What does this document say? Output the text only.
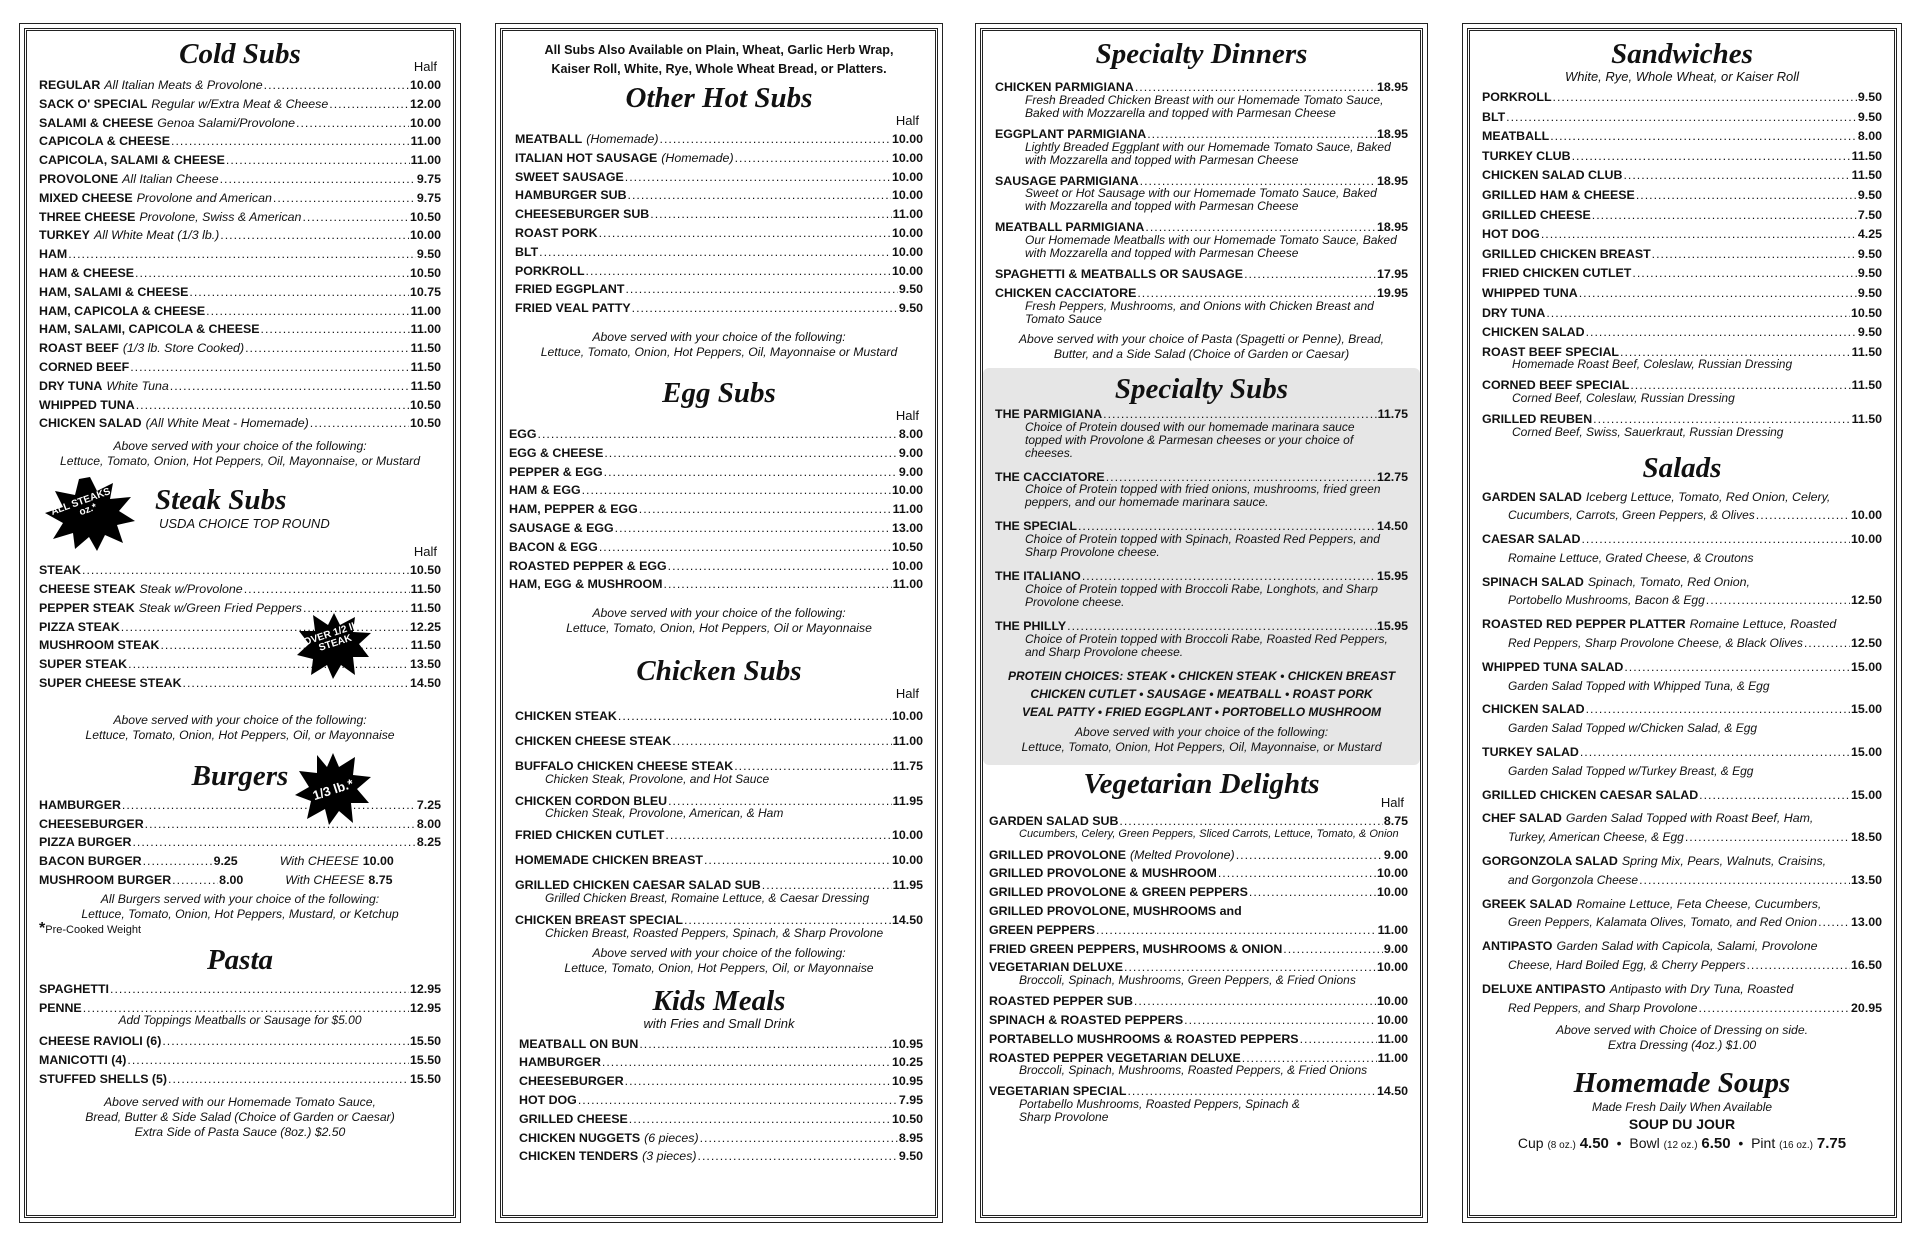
Cold Subs	Half
REGULAR All Italian Meats & Provolone .....	10.00
SACK O' SPECIAL Regular w/Extra Meat & Cheese .....	12.00
SALAMI & CHEESE Genoa Salami/Provolone .....	10.00
CAPICOLA & CHEESE .....	11.00
CAPICOLA, SALAMI & CHEESE .....	11.00
PROVOLONE All Italian Cheese .....	9.75
MIXED CHEESE Provolone and American .....	9.75
THREE CHEESE Provolone, Swiss & American .....	10.50
TURKEY All White Meat (1/3 lb.) .....	10.00
HAM .....	9.50
HAM & CHEESE .....	10.50
HAM, SALAMI & CHEESE .....	10.75
HAM, CAPICOLA & CHEESE .....	11.00
HAM, SALAMI, CAPICOLA & CHEESE .....	11.00
ROAST BEEF (1/3 lb. Store Cooked) .....	11.50
CORNED BEEF .....	11.50
DRY TUNA White Tuna .....	11.50
WHIPPED TUNA .....	10.50
CHICKEN SALAD (All White Meat - Homemade) .....	10.50
Above served with your choice of the following:
Lettuce, Tomato, Onion, Hot Peppers, Oil, Mayonnaise, or Mustard
ALL STEAKS 6 oz.*	Steak Subs
USDA CHOICE TOP ROUND
Half
STEAK .....	10.50
CHEESE STEAK Steak w/Provolone .....	11.50
PEPPER STEAK Steak w/Green Fried Peppers .....	11.50
PIZZA STEAK .....	12.25
MUSHROOM STEAK .....	11.50
SUPER STEAK .....	13.50
SUPER CHEESE STEAK .....	14.50
OVER 1/2 lb. STEAK
Above served with your choice of the following:
Lettuce, Tomato, Onion, Hot Peppers, Oil, or Mayonnaise
Burgers
HAMBURGER .....	7.25
CHEESEBURGER .....	8.00
PIZZA BURGER .....	8.25
BACON BURGER .....	9.25	With CHEESE 10.00
MUSHROOM BURGER .....	8.00	With CHEESE 8.75
All Burgers served with your choice of the following:
Lettuce, Tomato, Onion, Hot Peppers, Mustard, or Ketchup
*Pre-Cooked Weight
1/3 lb.*
Pasta
SPAGHETTI .....	12.95
PENNE .....	12.95
Add Toppings Meatballs or Sausage for $5.00
CHEESE RAVIOLI (6) .....	15.50
MANICOTTI (4) .....	15.50
STUFFED SHELLS (5) .....	15.50
Above served with our Homemade Tomato Sauce,
Bread, Butter & Side Salad (Choice of Garden or Caesar)
Extra Side of Pasta Sauce (8oz.) $2.50
All Subs Also Available on Plain, Wheat, Garlic Herb Wrap,
Kaiser Roll, White, Rye, Whole Wheat Bread, or Platters.
Other Hot Subs
Half
MEATBALL (Homemade) .....	10.00
ITALIAN HOT SAUSAGE (Homemade) .....	10.00
SWEET SAUSAGE .....	10.00
HAMBURGER SUB .....	10.00
CHEESEBURGER SUB .....	11.00
ROAST PORK .....	10.00
BLT .....	10.00
PORKROLL .....	10.00
FRIED EGGPLANT .....	9.50
FRIED VEAL PATTY .....	9.50
Above served with your choice of the following:
Lettuce, Tomato, Onion, Hot Peppers, Oil, Mayonnaise or Mustard
Egg Subs
Half
EGG .....	8.00
EGG & CHEESE .....	9.00
PEPPER & EGG .....	9.00
HAM & EGG .....	10.00
HAM, PEPPER & EGG .....	11.00
SAUSAGE & EGG .....	13.00
BACON & EGG .....	10.50
ROASTED PEPPER & EGG .....	10.00
HAM, EGG & MUSHROOM .....	11.00
Above served with your choice of the following:
Lettuce, Tomato, Onion, Hot Peppers, Oil or Mayonnaise
Chicken Subs
Half
CHICKEN STEAK .....	10.00
CHICKEN CHEESE STEAK .....	11.00
BUFFALO CHICKEN CHEESE STEAK .....	11.75
Chicken Steak, Provolone, and Hot Sauce
CHICKEN CORDON BLEU .....	11.95
Chicken Steak, Provolone, American, & Ham
FRIED CHICKEN CUTLET .....	10.00
HOMEMADE CHICKEN BREAST .....	10.00
GRILLED CHICKEN CAESAR SALAD SUB .....	11.95
Grilled Chicken Breast, Romaine Lettuce, & Caesar Dressing
CHICKEN BREAST SPECIAL .....	14.50
Chicken Breast, Roasted Peppers, Spinach, & Sharp Provolone
Above served with your choice of the following:
Lettuce, Tomato, Onion, Hot Peppers, Oil, or Mayonnaise
Kids Meals
with Fries and Small Drink
MEATBALL ON BUN .....	10.95
HAMBURGER .....	10.25
CHEESEBURGER .....	10.95
HOT DOG .....	7.95
GRILLED CHEESE .....	10.50
CHICKEN NUGGETS (6 pieces) .....	8.95
CHICKEN TENDERS (3 pieces) .....	9.50
Specialty Dinners
CHICKEN PARMIGIANA .....	18.95
Fresh Breaded Chicken Breast with our Homemade Tomato Sauce, Baked with Mozzarella and topped with Parmesan Cheese
EGGPLANT PARMIGIANA .....	18.95
Lightly Breaded Eggplant with our Homemade Tomato Sauce, Baked with Mozzarella and topped with Parmesan Cheese
SAUSAGE PARMIGIANA .....	18.95
Sweet or Hot Sausage with our Homemade Tomato Sauce, Baked with Mozzarella and topped with Parmesan Cheese
MEATBALL PARMIGIANA .....	18.95
Our Homemade Meatballs with our Homemade Tomato Sauce, Baked with Mozzarella and topped with Parmesan Cheese
SPAGHETTI & MEATBALLS OR SAUSAGE .....	17.95
CHICKEN CACCIATORE .....	19.95
Fresh Peppers, Mushrooms, and Onions with Chicken Breast and Tomato Sauce
Above served with your choice of Pasta (Spagetti or Penne), Bread, Butter, and a Side Salad (Choice of Garden or Caesar)
Specialty Subs
THE PARMIGIANA .....	11.75
Choice of Protein doused with our homemade marinara sauce topped with Provolone & Parmesan cheeses or your choice of cheeses.
THE CACCIATORE .....	12.75
Choice of Protein topped with fried onions, mushrooms, fried green peppers, and our homemade marinara sauce.
THE SPECIAL .....	14.50
Choice of Protein topped with Spinach, Roasted Red Peppers, and Sharp Provolone cheese.
THE ITALIANO .....	15.95
Choice of Protein topped with Broccoli Rabe, Longhots, and Sharp Provolone cheese.
THE PHILLY .....	15.95
Choice of Protein topped with Broccoli Rabe, Roasted Red Peppers, and Sharp Provolone cheese.
PROTEIN CHOICES: STEAK • CHICKEN STEAK • CHICKEN BREAST
CHICKEN CUTLET • SAUSAGE • MEATBALL • ROAST PORK
VEAL PATTY • FRIED EGGPLANT • PORTOBELLO MUSHROOM
Above served with your choice of the following:
Lettuce, Tomato, Onion, Hot Peppers, Oil, Mayonnaise, or Mustard
Vegetarian Delights
Half
GARDEN SALAD SUB .....	8.75
Cucumbers, Celery, Green Peppers, Sliced Carrots, Lettuce, Tomato, & Onion
GRILLED PROVOLONE (Melted Provolone) .....	9.00
GRILLED PROVOLONE & MUSHROOM .....	10.00
GRILLED PROVOLONE & GREEN PEPPERS .....	10.00
GRILLED PROVOLONE, MUSHROOMS and
GREEN PEPPERS .....	11.00
FRIED GREEN PEPPERS, MUSHROOMS & ONION .....	9.00
VEGETARIAN DELUXE .....	10.00
Broccoli, Spinach, Mushrooms, Green Peppers, & Fried Onions
ROASTED PEPPER SUB .....	10.00
SPINACH & ROASTED PEPPERS .....	10.00
PORTABELLO MUSHROOMS & ROASTED PEPPERS .....	11.00
ROASTED PEPPER VEGETARIAN DELUXE .....	11.00
Broccoli, Spinach, Mushrooms, Roasted Peppers, & Fried Onions
VEGETARIAN SPECIAL .....	14.50
Portabello Mushrooms, Roasted Peppers, Spinach & Sharp Provolone
Sandwiches
White, Rye, Whole Wheat, or Kaiser Roll
PORKROLL .....	9.50
BLT .....	9.50
MEATBALL .....	8.00
TURKEY CLUB .....	11.50
CHICKEN SALAD CLUB .....	11.50
GRILLED HAM & CHEESE .....	9.50
GRILLED CHEESE .....	7.50
HOT DOG .....	4.25
GRILLED CHICKEN BREAST .....	9.50
FRIED CHICKEN CUTLET .....	9.50
WHIPPED TUNA .....	9.50
DRY TUNA .....	10.50
CHICKEN SALAD .....	9.50
ROAST BEEF SPECIAL .....	11.50
Homemade Roast Beef, Coleslaw, Russian Dressing
CORNED BEEF SPECIAL .....	11.50
Corned Beef, Coleslaw, Russian Dressing
GRILLED REUBEN .....	11.50
Corned Beef, Swiss, Sauerkraut, Russian Dressing
Salads
GARDEN SALAD Iceberg Lettuce, Tomato, Red Onion, Celery,
Cucumbers, Carrots, Green Peppers, & Olives .....	10.00
CAESAR SALAD .....	10.00
Romaine Lettuce, Grated Cheese, & Croutons
SPINACH SALAD Spinach, Tomato, Red Onion,
Portobello Mushrooms, Bacon & Egg .....	12.50
ROASTED RED PEPPER PLATTER Romaine Lettuce, Roasted
Red Peppers, Sharp Provolone Cheese, & Black Olives .....	12.50
WHIPPED TUNA SALAD .....	15.00
Garden Salad Topped with Whipped Tuna, & Egg
CHICKEN SALAD .....	15.00
Garden Salad Topped w/Chicken Salad, & Egg
TURKEY SALAD .....	15.00
Garden Salad Topped w/Turkey Breast, & Egg
GRILLED CHICKEN CAESAR SALAD .....	15.00
CHEF SALAD Garden Salad Topped with Roast Beef, Ham,
Turkey, American Cheese, & Egg .....	18.50
GORGONZOLA SALAD Spring Mix, Pears, Walnuts, Craisins,
and Gorgonzola Cheese .....	13.50
GREEK SALAD Romaine Lettuce, Feta Cheese, Cucumbers,
Green Peppers, Kalamata Olives, Tomato, and Red Onion .....	13.00
ANTIPASTO Garden Salad with Capicola, Salami, Provolone
Cheese, Hard Boiled Egg, & Cherry Peppers .....	16.50
DELUXE ANTIPASTO Antipasto with Dry Tuna, Roasted
Red Peppers, and Sharp Provolone .....	20.95
Above served with Choice of Dressing on side.
Extra Dressing (4oz.) $1.00
Homemade Soups
Made Fresh Daily When Available
SOUP DU JOUR
Cup (8 oz.) 4.50  •  Bowl (12 oz.) 6.50  •  Pint (16 oz.) 7.75
